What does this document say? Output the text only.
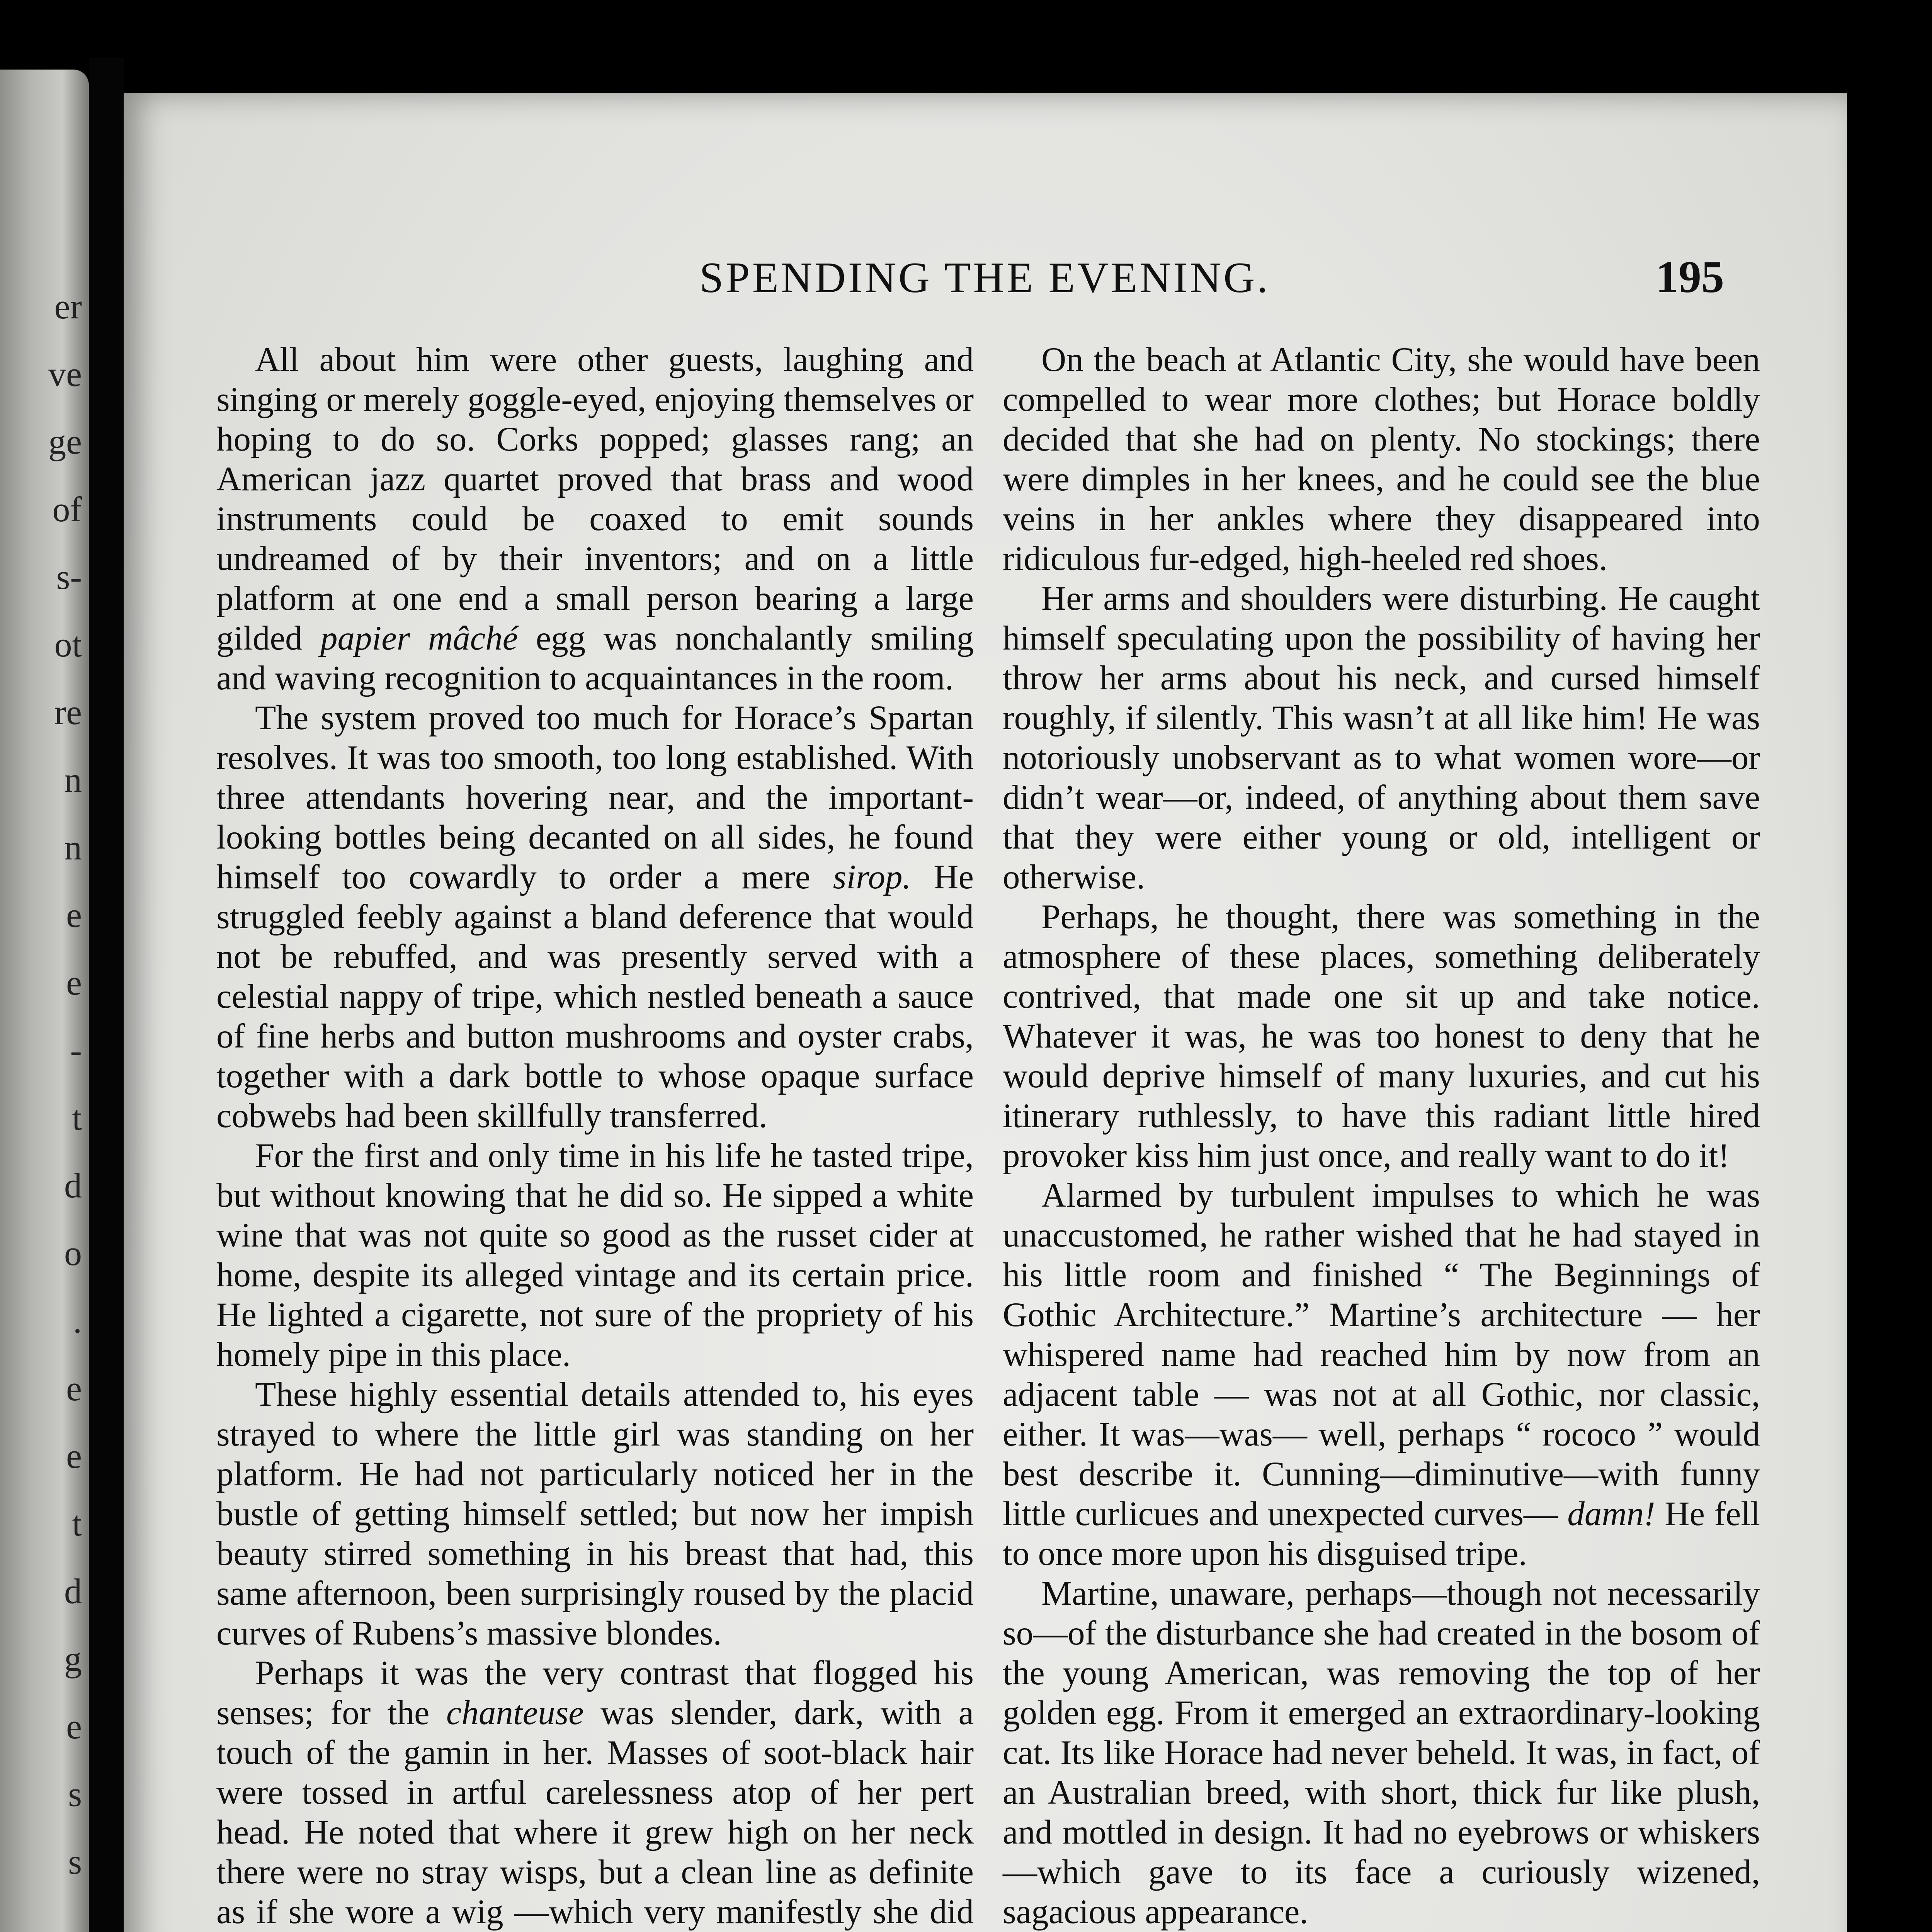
er
ve
ge
of
s-
ot
re
n
n
e
e
-
t
d
o
.
e
e
t
d
g
e
s
s
SPENDING THE EVENING.	195

All about him were other guests, laughing and singing or merely goggle-eyed, enjoying themselves or hoping to do so. Corks popped; glasses rang; an American jazz quartet proved that brass and wood instruments could be coaxed to emit sounds undreamed of by their inventors; and on a little platform at one end a small person bearing a large gilded papier mâché egg was nonchalantly smiling and waving recognition to acquaintances in the room.

The system proved too much for Horace’s Spartan resolves. It was too smooth, too long established. With three attendants hovering near, and the important-looking bottles being decanted on all sides, he found himself too cowardly to order a mere sirop. He struggled feebly against a bland deference that would not be rebuffed, and was presently served with a celestial nappy of tripe, which nestled beneath a sauce of fine herbs and button mushrooms and oyster crabs, together with a dark bottle to whose opaque surface cobwebs had been skillfully transferred.

For the first and only time in his life he tasted tripe, but without knowing that he did so. He sipped a white wine that was not quite so good as the russet cider at home, despite its alleged vintage and its certain price. He lighted a cigarette, not sure of the propriety of his homely pipe in this place.

These highly essential details attended to, his eyes strayed to where the little girl was standing on her platform. He had not particularly noticed her in the bustle of getting himself settled; but now her impish beauty stirred something in his breast that had, this same afternoon, been surprisingly roused by the placid curves of Rubens’s massive blondes.

Perhaps it was the very contrast that flogged his senses; for the chanteuse was slender, dark, with a touch of the gamin in her. Masses of soot-black hair were tossed in artful carelessness atop of her pert head. He noted that where it grew high on her neck there were no stray wisps, but a clean line as definite as if she wore a wig —which very manifestly she did

On the beach at Atlantic City, she would have been compelled to wear more clothes; but Horace boldly decided that she had on plenty. No stockings; there were dimples in her knees, and he could see the blue veins in her ankles where they disappeared into ridiculous fur-edged, high-heeled red shoes.

Her arms and shoulders were disturbing. He caught himself speculating upon the possibility of having her throw her arms about his neck, and cursed himself roughly, if silently. This wasn’t at all like him! He was notoriously unobservant as to what women wore—or didn’t wear—or, indeed, of anything about them save that they were either young or old, intelligent or otherwise.

Perhaps, he thought, there was something in the atmosphere of these places, something deliberately contrived, that made one sit up and take notice. Whatever it was, he was too honest to deny that he would deprive himself of many luxuries, and cut his itinerary ruthlessly, to have this radiant little hired provoker kiss him just once, and really want to do it!

Alarmed by turbulent impulses to which he was unaccustomed, he rather wished that he had stayed in his little room and finished “ The Beginnings of Gothic Architecture.” Martine’s architecture — her whispered name had reached him by now from an adjacent table — was not at all Gothic, nor classic, either. It was—was— well, perhaps “ rococo ” would best describe it. Cunning—diminutive—with funny little curlicues and unexpected curves— damn! He fell to once more upon his disguised tripe.

Martine, unaware, perhaps—though not necessarily so—of the disturbance she had created in the bosom of the young American, was removing the top of her golden egg. From it emerged an extraordinary-looking cat. Its like Horace had never beheld. It was, in fact, of an Australian breed, with short, thick fur like plush, and mottled in design. It had no eyebrows or whiskers—which gave to its face a curiously wizened, sagacious appearance.
